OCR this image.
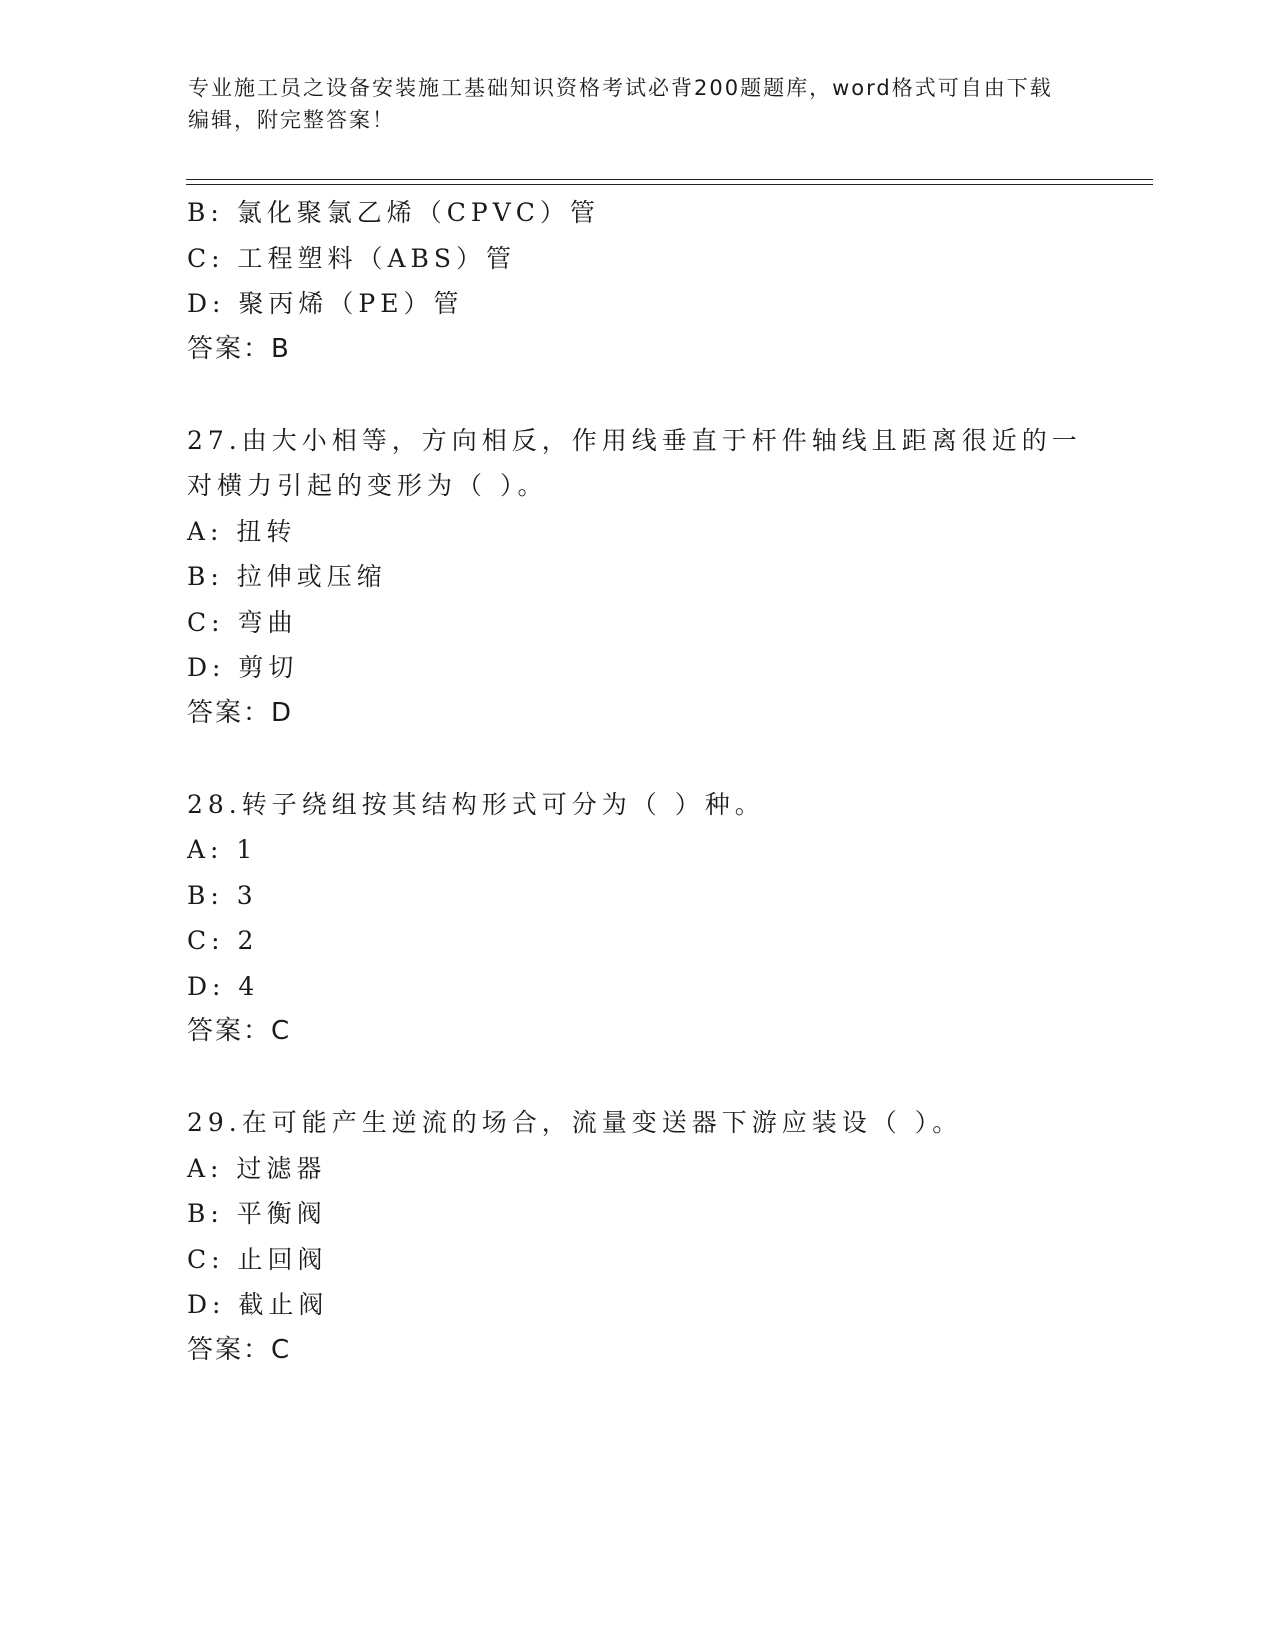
专业施工员之设备安装施工基础知识资格考试必背200题题库，word格式可自由下载编辑，附完整答案！
B: 氯化聚氯乙烯（CPVC）管
C: 工程塑料（ABS）管
D: 聚丙烯（PE）管
答案：B
27.由大小相等，方向相反，作用线垂直于杆件轴线且距离很近的一对横力引起的变形为（ ）。
A: 扭转
B: 拉伸或压缩
C: 弯曲
D: 剪切
答案：D
28.转子绕组按其结构形式可分为（ ）种。
A: 1
B: 3
C: 2
D: 4
答案：C
29.在可能产生逆流的场合，流量变送器下游应装设（ ）。
A: 过滤器
B: 平衡阀
C: 止回阀
D: 截止阀
答案：C
